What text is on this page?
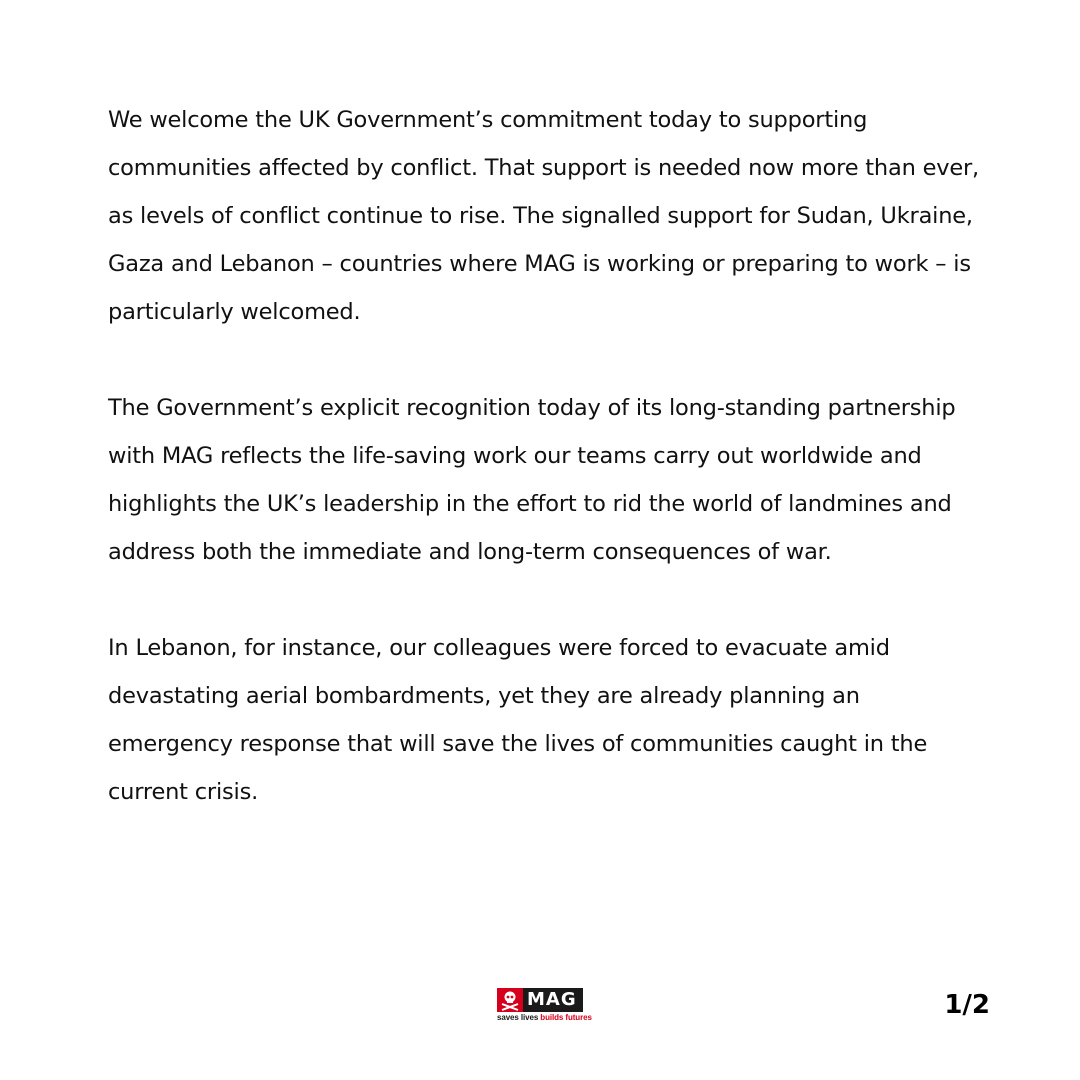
We welcome the UK Government’s commitment today to supporting communities affected by conflict. That support is needed now more than ever, as levels of conflict continue to rise. The signalled support for Sudan, Ukraine, Gaza and Lebanon – countries where MAG is working or preparing to work – is particularly welcomed.

The Government’s explicit recognition today of its long-standing partnership with MAG reflects the life-saving work our teams carry out worldwide and highlights the UK’s leadership in the effort to rid the world of landmines and address both the immediate and long-term consequences of war.

In Lebanon, for instance, our colleagues were forced to evacuate amid devastating aerial bombardments, yet they are already planning an emergency response that will save the lives of communities caught in the current crisis.

MAG
saves lives builds futures	1/2
